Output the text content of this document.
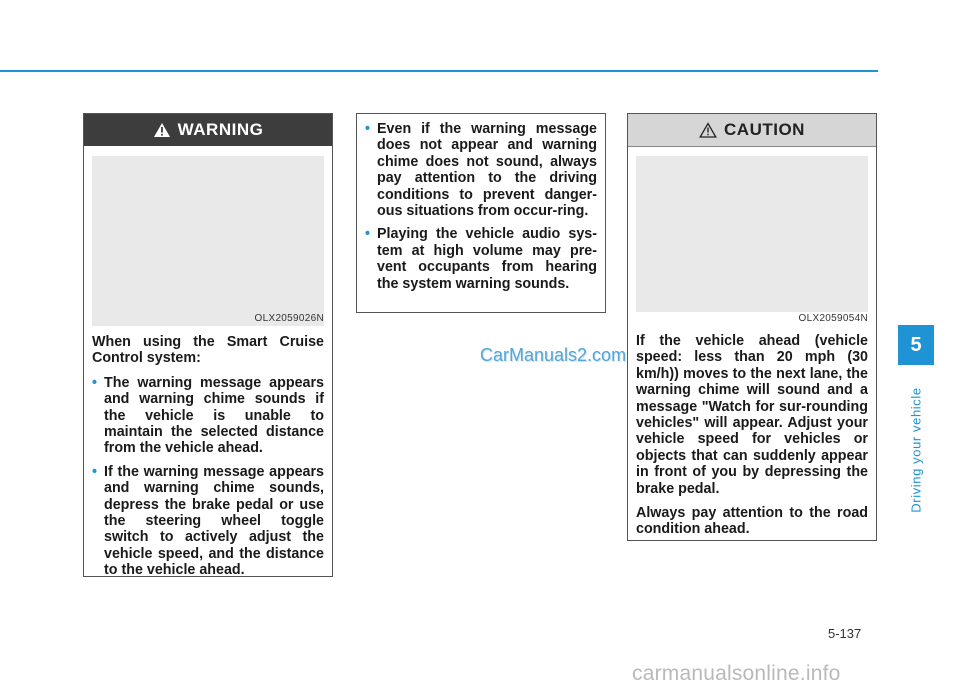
WARNING
OLX2059026N

When using the Smart Cruise Control system:

• The warning message appears and warning chime sounds if the vehicle is unable to maintain the selected distance from the vehicle ahead.
• If the warning message appears and warning chime sounds, depress the brake pedal or use the steering wheel toggle switch to actively adjust the vehicle speed, and the distance to the vehicle ahead.
• Even if the warning message does not appear and warning chime does not sound, always pay attention to the driving conditions to prevent danger-ous situations from occur-ring.
• Playing the vehicle audio sys-tem at high volume may pre-vent occupants from hearing the system warning sounds.
CAUTION
OLX2059054N

If the vehicle ahead (vehicle speed: less than 20 mph (30 km/h)) moves to the next lane, the warning chime will sound and a message "Watch for sur-rounding vehicles" will appear. Adjust your vehicle speed for vehicles or objects that can suddenly appear in front of you by depressing the brake pedal.

Always pay attention to the road condition ahead.

5
Driving your vehicle
5-137
CarManuals2.com
carmanualsonline.info
